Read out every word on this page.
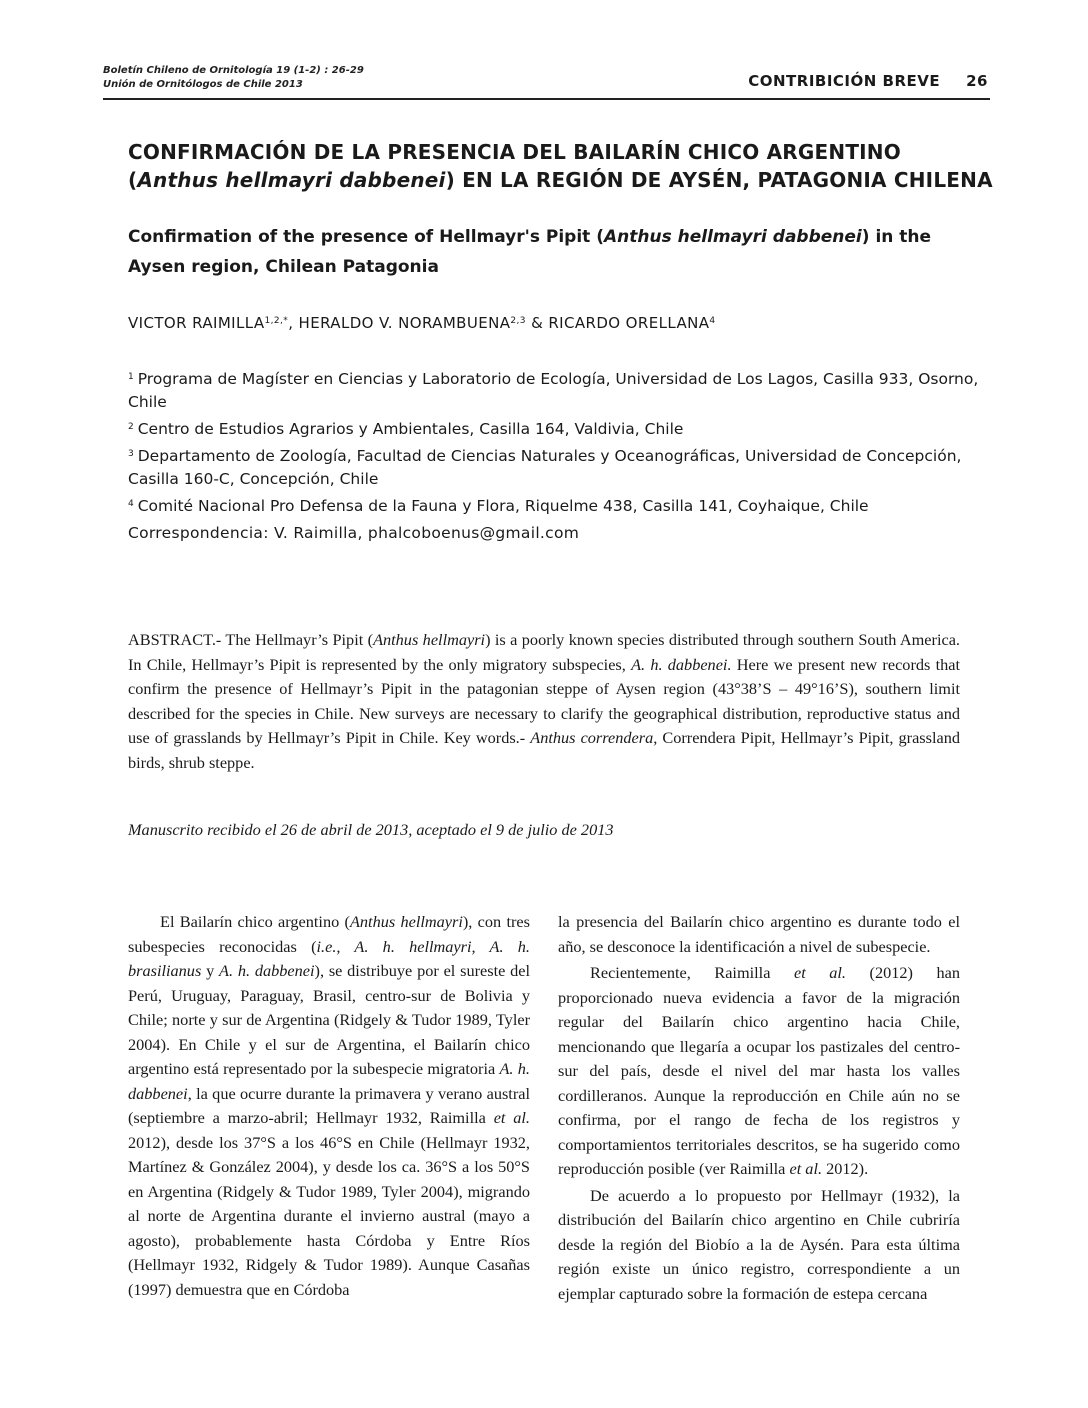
Boletín Chileno de Ornitología 19 (1-2) : 26-29
Unión de Ornitólogos de Chile 2013	CONTRIBICIÓN BREVE 26
CONFIRMACIÓN DE LA PRESENCIA DEL BAILARÍN CHICO ARGENTINO
(Anthus hellmayri dabbenei) EN LA REGIÓN DE AYSÉN, PATAGONIA CHILENA
Confirmation of the presence of Hellmayr's Pipit (Anthus hellmayri dabbenei) in the Aysen region, Chilean Patagonia
VICTOR $RAIMILLA^{1,2,*}$, HERALDO V. NORAMBUENA$^{2,3}$ & RICARDO ORELLANA$^4$
$^1$ Programa de Magíster en Ciencias y Laboratorio de Ecología, Universidad de Los Lagos, Casilla 933, Osorno, Chile
$^2$ Centro de Estudios Agrarios y Ambientales, Casilla 164, Valdivia, Chile
$^3$ Departamento de Zoología, Facultad de Ciencias Naturales y Oceanográficas, Universidad de Concepción, Casilla 160-C, Concepción, Chile
$^4$ Comité Nacional Pro Defensa de la Fauna y Flora, Riquelme 438, Casilla 141, Coyhaique, Chile
Correspondencia: V. Raimilla, phalcoboenus@gmail.com
ABSTRACT.- The Hellmayr’s Pipit (Anthus hellmayri) is a poorly known species distributed through southern South America. In Chile, Hellmayr’s Pipit is represented by the only migratory subspecies, A. h. dabbenei. Here we present new records that confirm the presence of Hellmayr’s Pipit in the patagonian steppe of Aysen region (43°38’S – 49°16’S), southern limit described for the species in Chile. New surveys are necessary to clarify the geographical distribution, reproductive status and use of grasslands by Hellmayr’s Pipit in Chile. Key words.- Anthus correndera, Correndera Pipit, Hellmayr’s Pipit, grassland birds, shrub steppe.
Manuscrito recibido el 26 de abril de 2013, aceptado el 9 de julio de 2013

El Bailarín chico argentino (Anthus hellmayri), con tres subespecies reconocidas (i.e., A. h. hellmayri, A. h. brasilianus y A. h. dabbenei), se distribuye por el sureste del Perú, Uruguay, Paraguay, Brasil, centro-sur de Bolivia y Chile; norte y sur de Argentina (Ridgely & Tudor 1989, Tyler 2004). En Chile y el sur de Argentina, el Bailarín chico argentino está representado por la subespecie migratoria A. h. dabbenei, la que ocurre durante la primavera y verano austral (septiembre a marzo-abril; Hellmayr 1932, Raimilla et al. 2012), desde los 37°S a los 46°S en Chile (Hellmayr 1932, Martínez & González 2004), y desde los ca. 36°S a los 50°S en Argentina (Ridgely & Tudor 1989, Tyler 2004), migrando al norte de Argentina durante el invierno austral (mayo a agosto), probablemente hasta Córdoba y Entre Ríos (Hellmayr 1932, Ridgely & Tudor 1989). Aunque Casañas (1997) demuestra que en Córdoba

la presencia del Bailarín chico argentino es durante todo el año, se desconoce la identificación a nivel de subespecie.

Recientemente, Raimilla et al. (2012) han proporcionado nueva evidencia a favor de la migración regular del Bailarín chico argentino hacia Chile, mencionando que llegaría a ocupar los pastizales del centro-sur del país, desde el nivel del mar hasta los valles cordilleranos. Aunque la reproducción en Chile aún no se confirma, por el rango de fecha de los registros y comportamientos territoriales descritos, se ha sugerido como reproducción posible (ver Raimilla et al. 2012).

De acuerdo a lo propuesto por Hellmayr (1932), la distribución del Bailarín chico argentino en Chile cubriría desde la región del Biobío a la de Aysén. Para esta última región existe un único registro, correspondiente a un ejemplar capturado sobre la formación de estepa cercana
